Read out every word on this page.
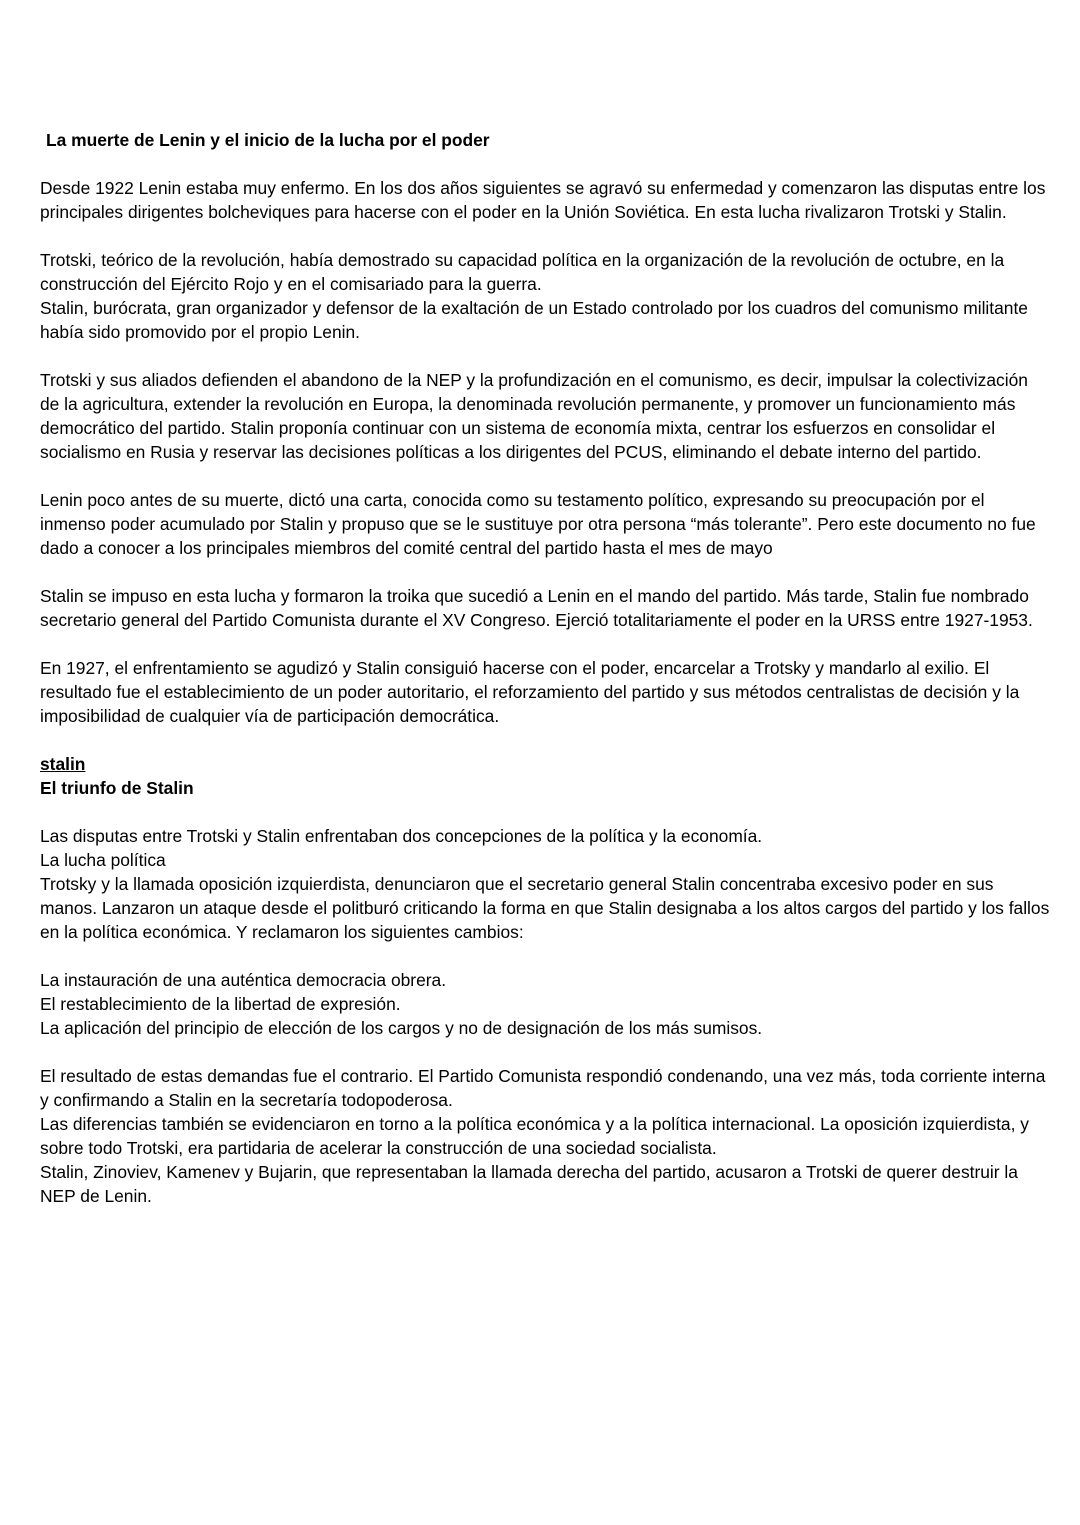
La muerte de Lenin y el inicio de la lucha por el poder
Desde 1922 Lenin estaba muy enfermo. En los dos años siguientes se agravó su enfermedad y comenzaron las disputas entre los principales dirigentes bolcheviques para hacerse con el poder en la Unión Soviética. En esta lucha rivalizaron Trotski y Stalin.
Trotski, teórico de la revolución, había demostrado su capacidad política en la organización de la revolución de octubre, en la construcción del Ejército Rojo y en el comisariado para la guerra.
Stalin, burócrata, gran organizador y defensor de la exaltación de un Estado controlado por los cuadros del comunismo militante había sido promovido por el propio Lenin.
Trotski y sus aliados defienden el abandono de la NEP y la profundización en el comunismo, es decir, impulsar la colectivización de la agricultura, extender la revolución en Europa, la denominada revolución permanente, y promover un funcionamiento más democrático del partido. Stalin proponía continuar con un sistema de economía mixta, centrar los esfuerzos en consolidar el socialismo en Rusia y reservar las decisiones políticas a los dirigentes del PCUS, eliminando el debate interno del partido.
Lenin poco antes de su muerte, dictó una carta, conocida como su testamento político, expresando su preocupación por el inmenso poder acumulado por Stalin y propuso que se le sustituye por otra persona “más tolerante”. Pero este documento no fue dado a conocer a los principales miembros del comité central del partido hasta el mes de mayo
Stalin se impuso en esta lucha y formaron la troika que sucedió a Lenin en el mando del partido. Más tarde, Stalin fue nombrado secretario general del Partido Comunista durante el XV Congreso. Ejerció totalitariamente el poder en la URSS entre 1927-1953.
En 1927, el enfrentamiento se agudizó y Stalin consiguió hacerse con el poder, encarcelar a Trotsky y mandarlo al exilio. El resultado fue el establecimiento de un poder autoritario, el reforzamiento del partido y sus métodos centralistas de decisión y la imposibilidad de cualquier vía de participación democrática.
stalin
El triunfo de Stalin
Las disputas entre Trotski y Stalin enfrentaban dos concepciones de la política y la economía.
La lucha política
Trotsky y la llamada oposición izquierdista, denunciaron que el secretario general Stalin concentraba excesivo poder en sus manos. Lanzaron un ataque desde el politburó criticando la forma en que Stalin designaba a los altos cargos del partido y los fallos en la política económica. Y reclamaron los siguientes cambios:
La instauración de una auténtica democracia obrera.
El restablecimiento de la libertad de expresión.
La aplicación del principio de elección de los cargos y no de designación de los más sumisos.
El resultado de estas demandas fue el contrario. El Partido Comunista respondió condenando, una vez más, toda corriente interna y confirmando a Stalin en la secretaría todopoderosa.
Las diferencias también se evidenciaron en torno a la política económica y a la política internacional. La oposición izquierdista, y sobre todo Trotski, era partidaria de acelerar la construcción de una sociedad socialista.
Stalin, Zinoviev, Kamenev y Bujarin, que representaban la llamada derecha del partido, acusaron a Trotski de querer destruir la NEP de Lenin.
